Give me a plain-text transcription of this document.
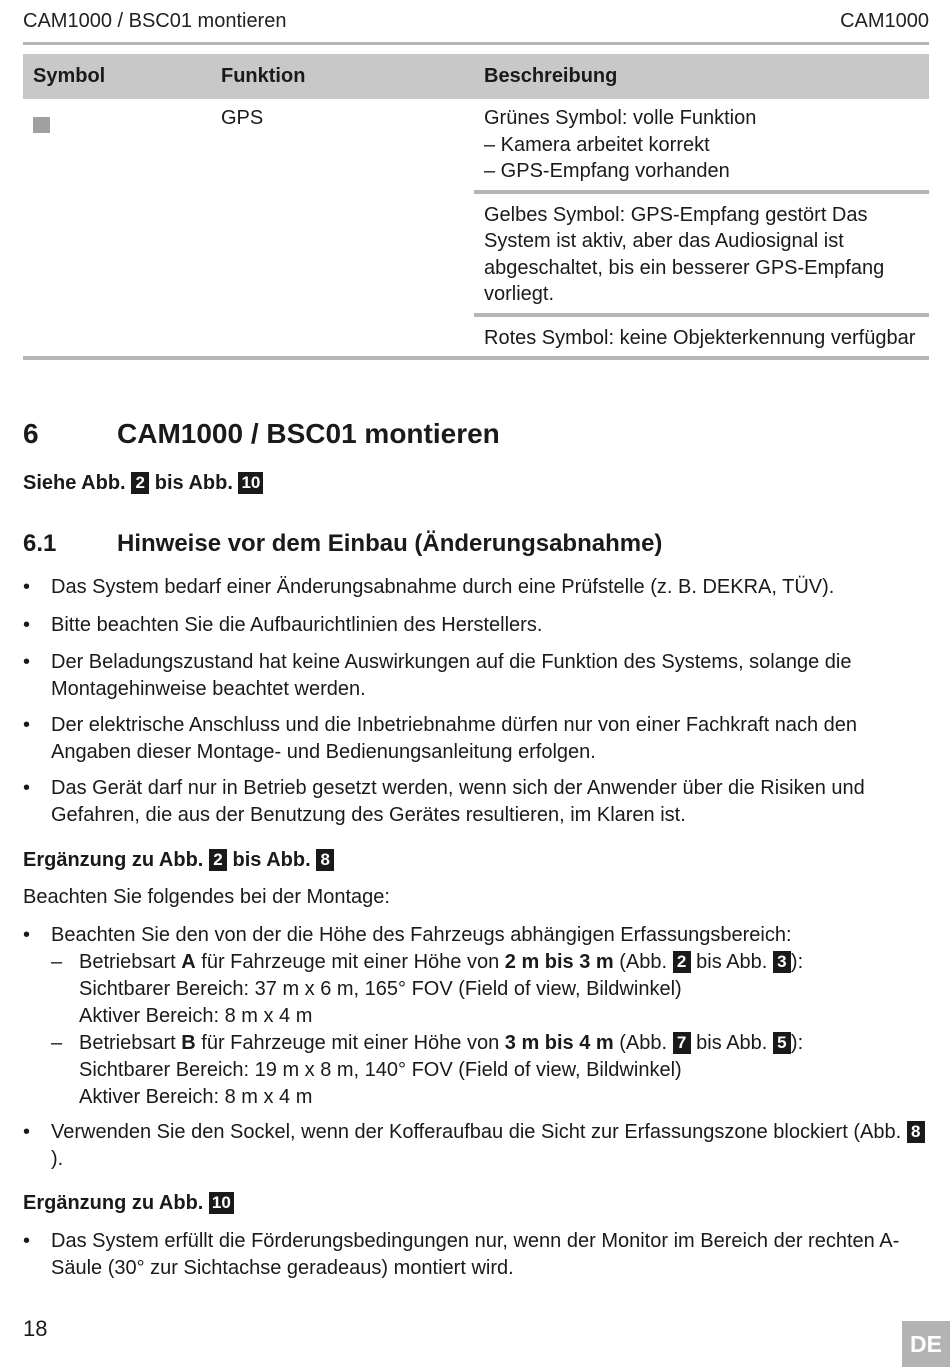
CAM1000 / BSC01 montieren	CAM1000
Symbol	Funktion	Beschreibung
	GPS	Grünes Symbol: volle Funktion
– Kamera arbeitet korrekt
– GPS-Empfang vorhanden

		Gelbes Symbol: GPS-Empfang gestört Das System ist aktiv, aber das Audiosignal ist abgeschaltet, bis ein besserer GPS-Empfang vorliegt.
		Rotes Symbol: keine Objekterkennung verfügbar
6	CAM1000 / BSC01 montieren
Siehe Abb. 2 bis Abb. 10
6.1	Hinweise vor dem Einbau (Änderungsabnahme)
• Das System bedarf einer Änderungsabnahme durch eine Prüfstelle (z. B. DEKRA, TÜV).
• Bitte beachten Sie die Aufbaurichtlinien des Herstellers.
• Der Beladungszustand hat keine Auswirkungen auf die Funktion des Systems, solange die Montagehinweise beachtet werden.
• Der elektrische Anschluss und die Inbetriebnahme dürfen nur von einer Fachkraft nach den Angaben dieser Montage- und Bedienungsanleitung erfolgen.
• Das Gerät darf nur in Betrieb gesetzt werden, wenn sich der Anwender über die Risiken und Gefahren, die aus der Benutzung des Gerätes resultieren, im Klaren ist.
Ergänzung zu Abb. 2 bis Abb. 8
Beachten Sie folgendes bei der Montage:
• Beachten Sie den von der die Höhe des Fahrzeugs abhängigen Erfassungsbereich:
– Betriebsart A für Fahrzeuge mit einer Höhe von 2 m bis 3 m (Abb. 2 bis Abb. 3 ):
Sichtbarer Bereich: 37 m x 6 m, 165° FOV (Field of view, Bildwinkel)
Aktiver Bereich: 8 m x 4 m
– Betriebsart B für Fahrzeuge mit einer Höhe von 3 m bis 4 m (Abb. 7 bis Abb. 5 ):
Sichtbarer Bereich: 19 m x 8 m, 140° FOV (Field of view, Bildwinkel)
Aktiver Bereich: 8 m x 4 m
• Verwenden Sie den Sockel, wenn der Kofferaufbau die Sicht zur Erfassungszone blockiert (Abb. 8).
Ergänzung zu Abb. 10
• Das System erfüllt die Förderungsbedingungen nur, wenn der Monitor im Bereich der rechten A-Säule (30° zur Sichtachse geradeaus) montiert wird.
18
DE
